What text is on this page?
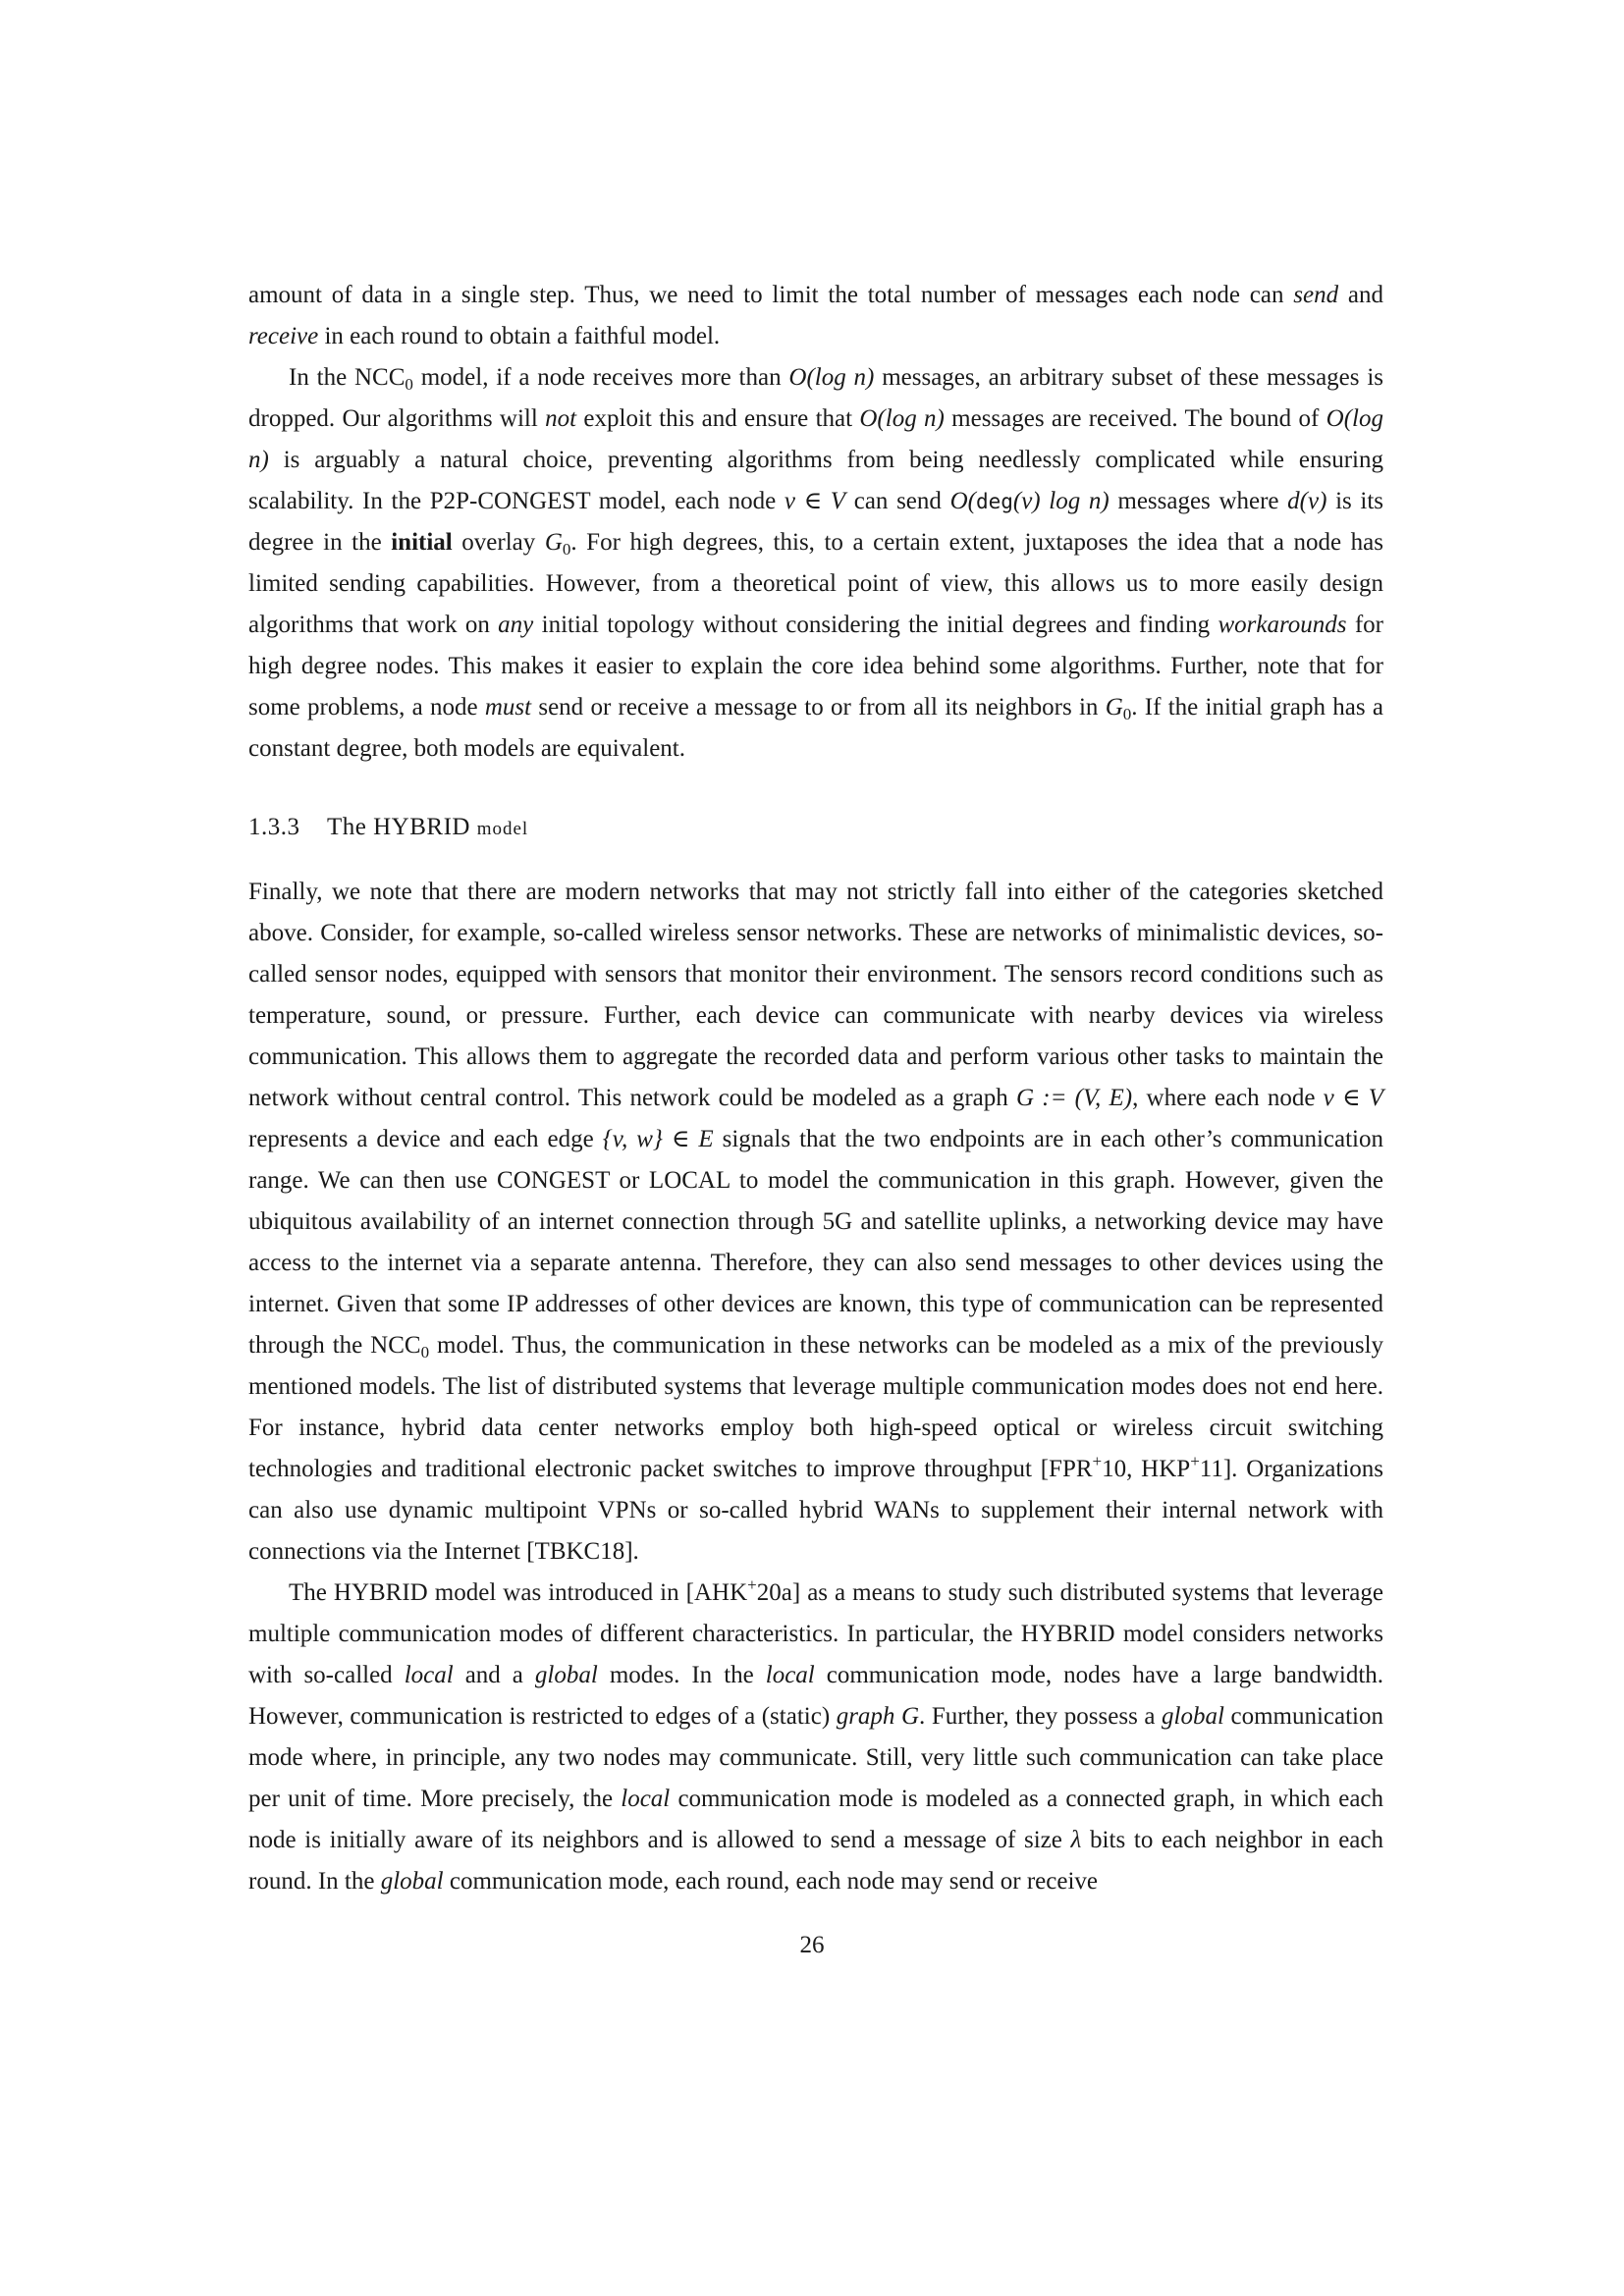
amount of data in a single step. Thus, we need to limit the total number of messages each node can send and receive in each round to obtain a faithful model.

In the $NCC_0$ model, if a node receives more than O(log n) messages, an arbitrary subset of these messages is dropped. Our algorithms will not exploit this and ensure that O(log n) messages are received. The bound of O(log n) is arguably a natural choice, preventing algorithms from being needlessly complicated while ensuring scalability. In the P2P-CONGEST model, each node v ∈ V can send O(deg(v) log n) messages where d(v) is its degree in the initial overlay $G_0$. For high degrees, this, to a certain extent, juxtaposes the idea that a node has limited sending capabilities. However, from a theoretical point of view, this allows us to more easily design algorithms that work on any initial topology without considering the initial degrees and finding workarounds for high degree nodes. This makes it easier to explain the core idea behind some algorithms. Further, note that for some problems, a node must send or receive a message to or from all its neighbors in $G_0$. If the initial graph has a constant degree, both models are equivalent.

1.3.3 The HYBRID model

Finally, we note that there are modern networks that may not strictly fall into either of the categories sketched above. Consider, for example, so-called wireless sensor networks. These are networks of minimalistic devices, so-called sensor nodes, equipped with sensors that monitor their environment. The sensors record conditions such as temperature, sound, or pressure. Further, each device can communicate with nearby devices via wireless communication. This allows them to aggregate the recorded data and perform various other tasks to maintain the network without central control. This network could be modeled as a graph G := (V, E), where each node v ∈ V represents a device and each edge {v, w} ∈ E signals that the two endpoints are in each other’s communication range. We can then use CONGEST or LOCAL to model the communication in this graph. However, given the ubiquitous availability of an internet connection through 5G and satellite uplinks, a networking device may have access to the internet via a separate antenna. Therefore, they can also send messages to other devices using the internet. Given that some IP addresses of other devices are known, this type of communication can be represented through the $NCC_0$ model. Thus, the communication in these networks can be modeled as a mix of the previously mentioned models. The list of distributed systems that leverage multiple communication modes does not end here. For instance, hybrid data center networks employ both high-speed optical or wireless circuit switching technologies and traditional electronic packet switches to improve throughput [FPR+10, HKP+11]. Organizations can also use dynamic multipoint VPNs or so-called hybrid WANs to supplement their internal network with connections via the Internet [TBKC18].

The HYBRID model was introduced in [AHK+20a] as a means to study such distributed systems that leverage multiple communication modes of different characteristics. In particular, the HYBRID model considers networks with so-called local and a global modes. In the local communication mode, nodes have a large bandwidth. However, communication is restricted to edges of a (static) graph G. Further, they possess a global communication mode where, in principle, any two nodes may communicate. Still, very little such communication can take place per unit of time. More precisely, the local communication mode is modeled as a connected graph, in which each node is initially aware of its neighbors and is allowed to send a message of size λ bits to each neighbor in each round. In the global communication mode, each round, each node may send or receive

26
